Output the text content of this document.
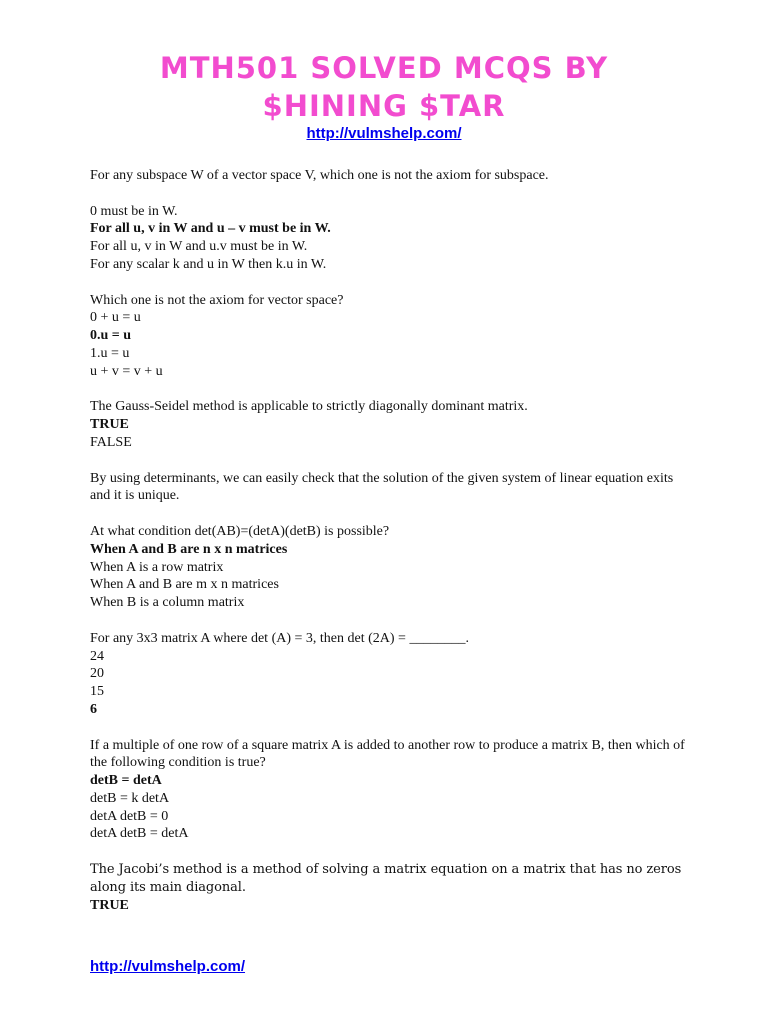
MTH501 SOLVED MCQS BY
$HINING $TAR
http://vulmshelp.com/

For any subspace W of a vector space V, which one is not the axiom for subspace.

0 must be in W.

For all u, v in W and u – v must be in W.

For all u, v in W and u.v must be in W.

For any scalar k and u in W then k.u in W.

Which one is not the axiom for vector space?

0 + u = u

0.u = u

1.u = u

u + v = v + u

The Gauss-Seidel method is applicable to strictly diagonally dominant matrix.

TRUE

FALSE

By using determinants, we can easily check that the solution of the given system of linear equation exits and it is unique.

At what condition det(AB)=(detA)(detB) is possible?

When A and B are n x n matrices

When A is a row matrix

When A and B are m x n matrices

When B is a column matrix

For any 3x3 matrix A where det (A) = 3, then det (2A) = ________.

24

20

15

6

If a multiple of one row of a square matrix A is added to another row to produce a matrix B, then which of the following condition is true?

detB = detA

detB = k detA

detA detB = 0

detA detB = detA

The Jacobi’s method is a method of solving a matrix equation on a matrix that has no zeros along its main diagonal.

TRUE

http://vulmshelp.com/
